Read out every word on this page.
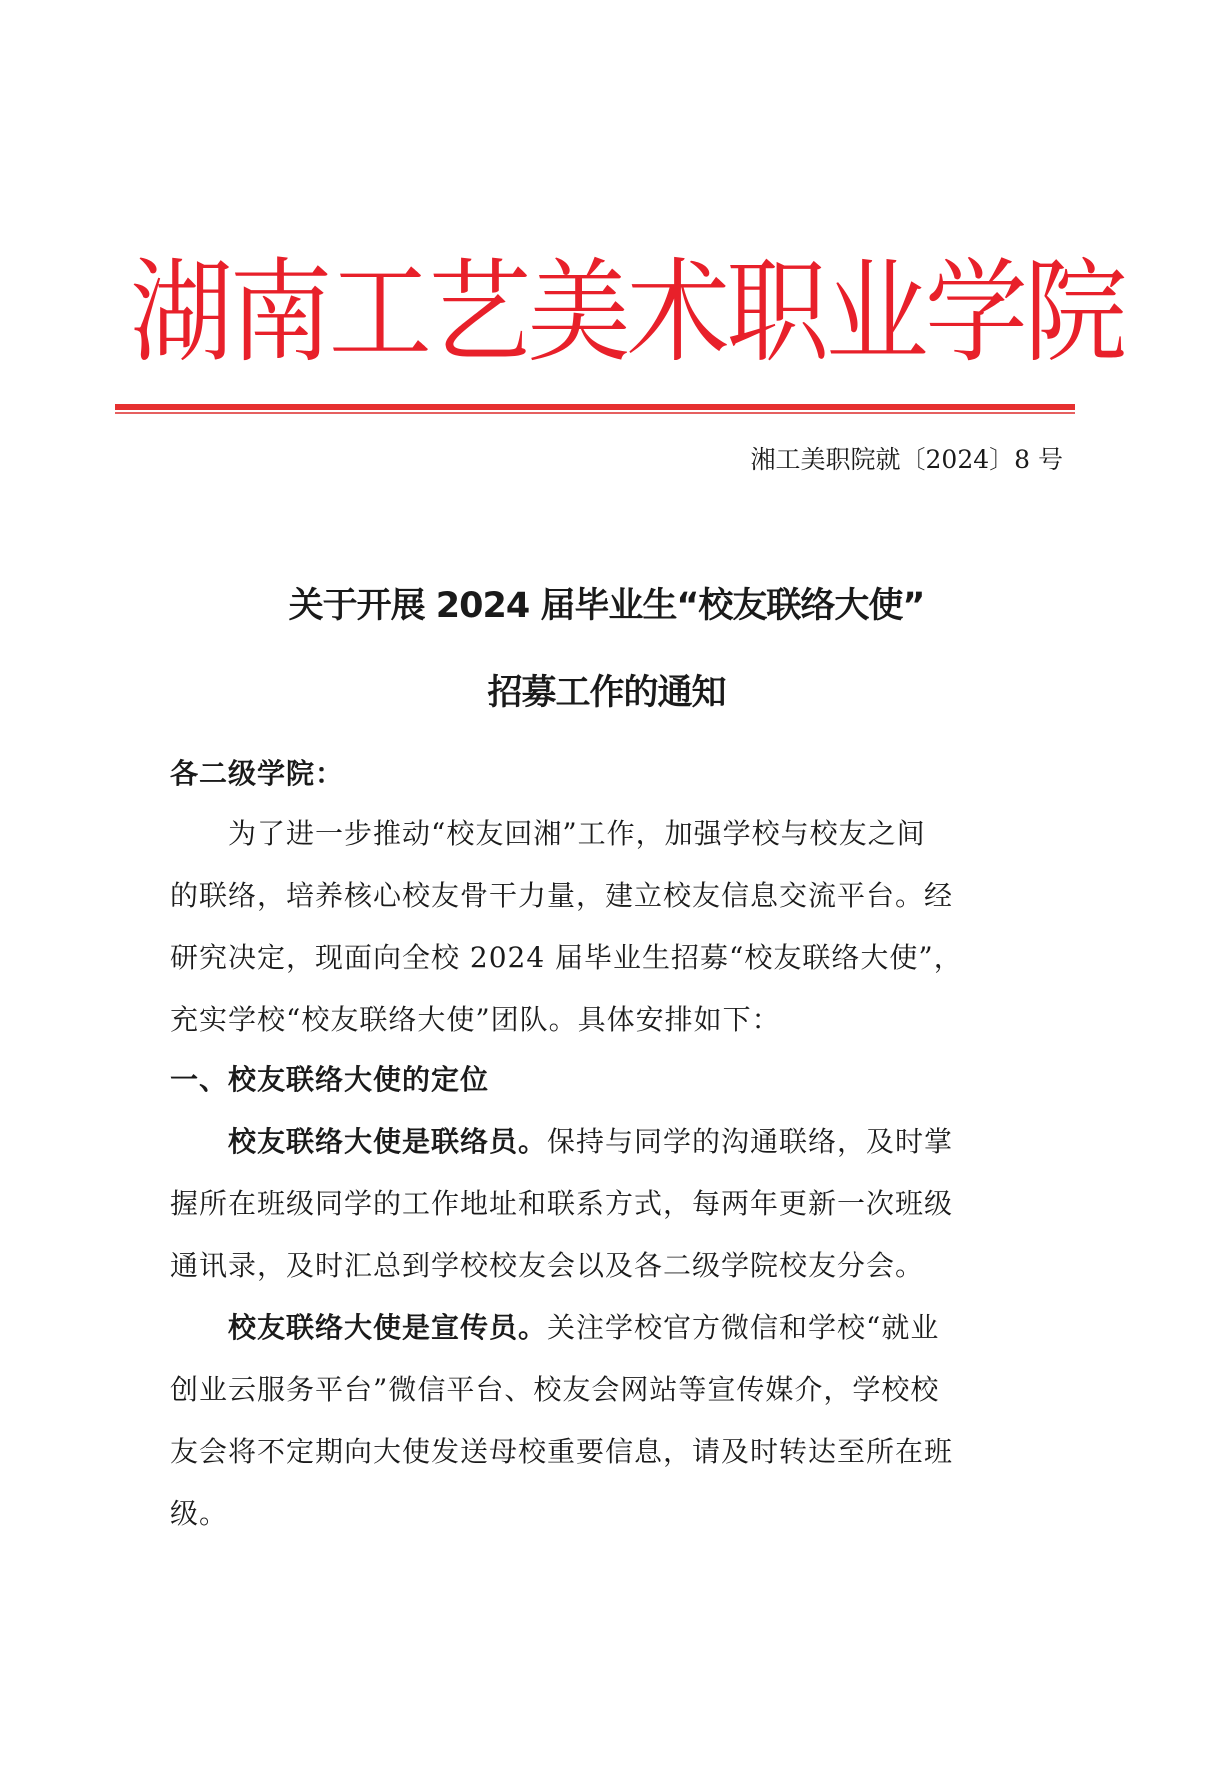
湖南工艺美术职业学院
湘工美职院就〔2024〕8 号
关于开展 2024 届毕业生“校友联络大使”
招募工作的通知
各二级学院：
为了进一步推动“校友回湘”工作，加强学校与校友之间
的联络，培养核心校友骨干力量，建立校友信息交流平台。经
研究决定，现面向全校 2024 届毕业生招募“校友联络大使”，
充实学校“校友联络大使”团队。具体安排如下：
一、校友联络大使的定位
校友联络大使是联络员。保持与同学的沟通联络，及时掌
握所在班级同学的工作地址和联系方式，每两年更新一次班级
通讯录，及时汇总到学校校友会以及各二级学院校友分会。
校友联络大使是宣传员。关注学校官方微信和学校“就业
创业云服务平台”微信平台、校友会网站等宣传媒介，学校校
友会将不定期向大使发送母校重要信息，请及时转达至所在班
级。
